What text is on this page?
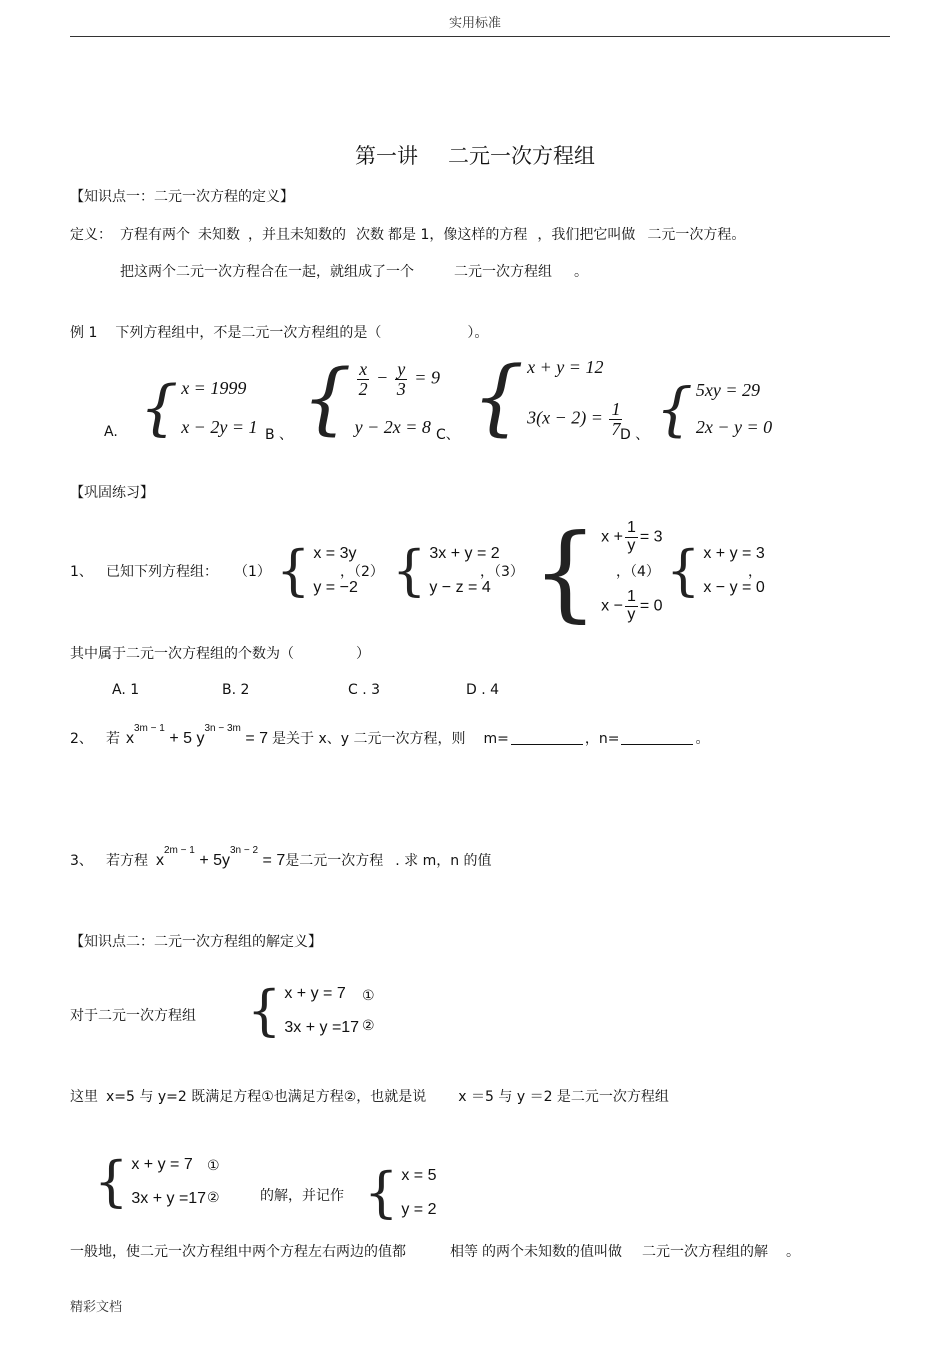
实用标准
第一讲 二元一次方程组
【知识点一：二元一次方程的定义】
定义： 方程有两个 未知数 ，并且未知数的 次数 都是 1，像这样的方程 ，我们把它叫做 二元一次方程。
把这两个二元一次方程合在一起，就组成了一个	二元一次方程组 。
例 1 下列方程组中，不是二元一次方程组的是（	）。
A. { x = 1999
x − 2y = 1 B 、 { $\frac{x}{2} - \frac{y}{3} = 9$
y − 2x = 8 C、 { x + y = 12
$3(x - 2) = \frac{1}{7}$
D 、 { 5xy = 29
2x − y = 0
【巩固练习】
1、 已知下列方程组： （1） { x = 3y
y = −2
，（2） { 3x + y = 2
y − z = 4
，（3） { $x + \frac{1}{y} = 3$
$x - \frac{1}{y} = 0$
，（4） { x + y = 3
x − y = 0
，
其中属于二元一次方程组的个数为（	）
A. 1	B. 2	C . 3	D . 4
2、 若 $x^{3m - 1} + 5$ $y^{3n - 3m} = 7$ 是关于 x、y 二元一次方程，则 m=	，n=	。
3、 若方程 $x^{2m - 1} + 5y^{3n - 2} = 7$是二元一次方程 . 求 m，n 的值
【知识点二：二元一次方程组的解定义】
对于二元一次方程组 { x + y = 7
3x + y =17
①
②
这里 x=5 与 y=2 既满足方程①也满足方程②，也就是说 x ＝5 与 y ＝2 是二元一次方程组
{ x + y = 7
3x + y =17
①
②	的解，并记作 { x = 5
y = 2
一般地，使二元一次方程组中两个方程左右两边的值都	相等 的两个未知数的值叫做 二元一次方程组的解 。
精彩文档
